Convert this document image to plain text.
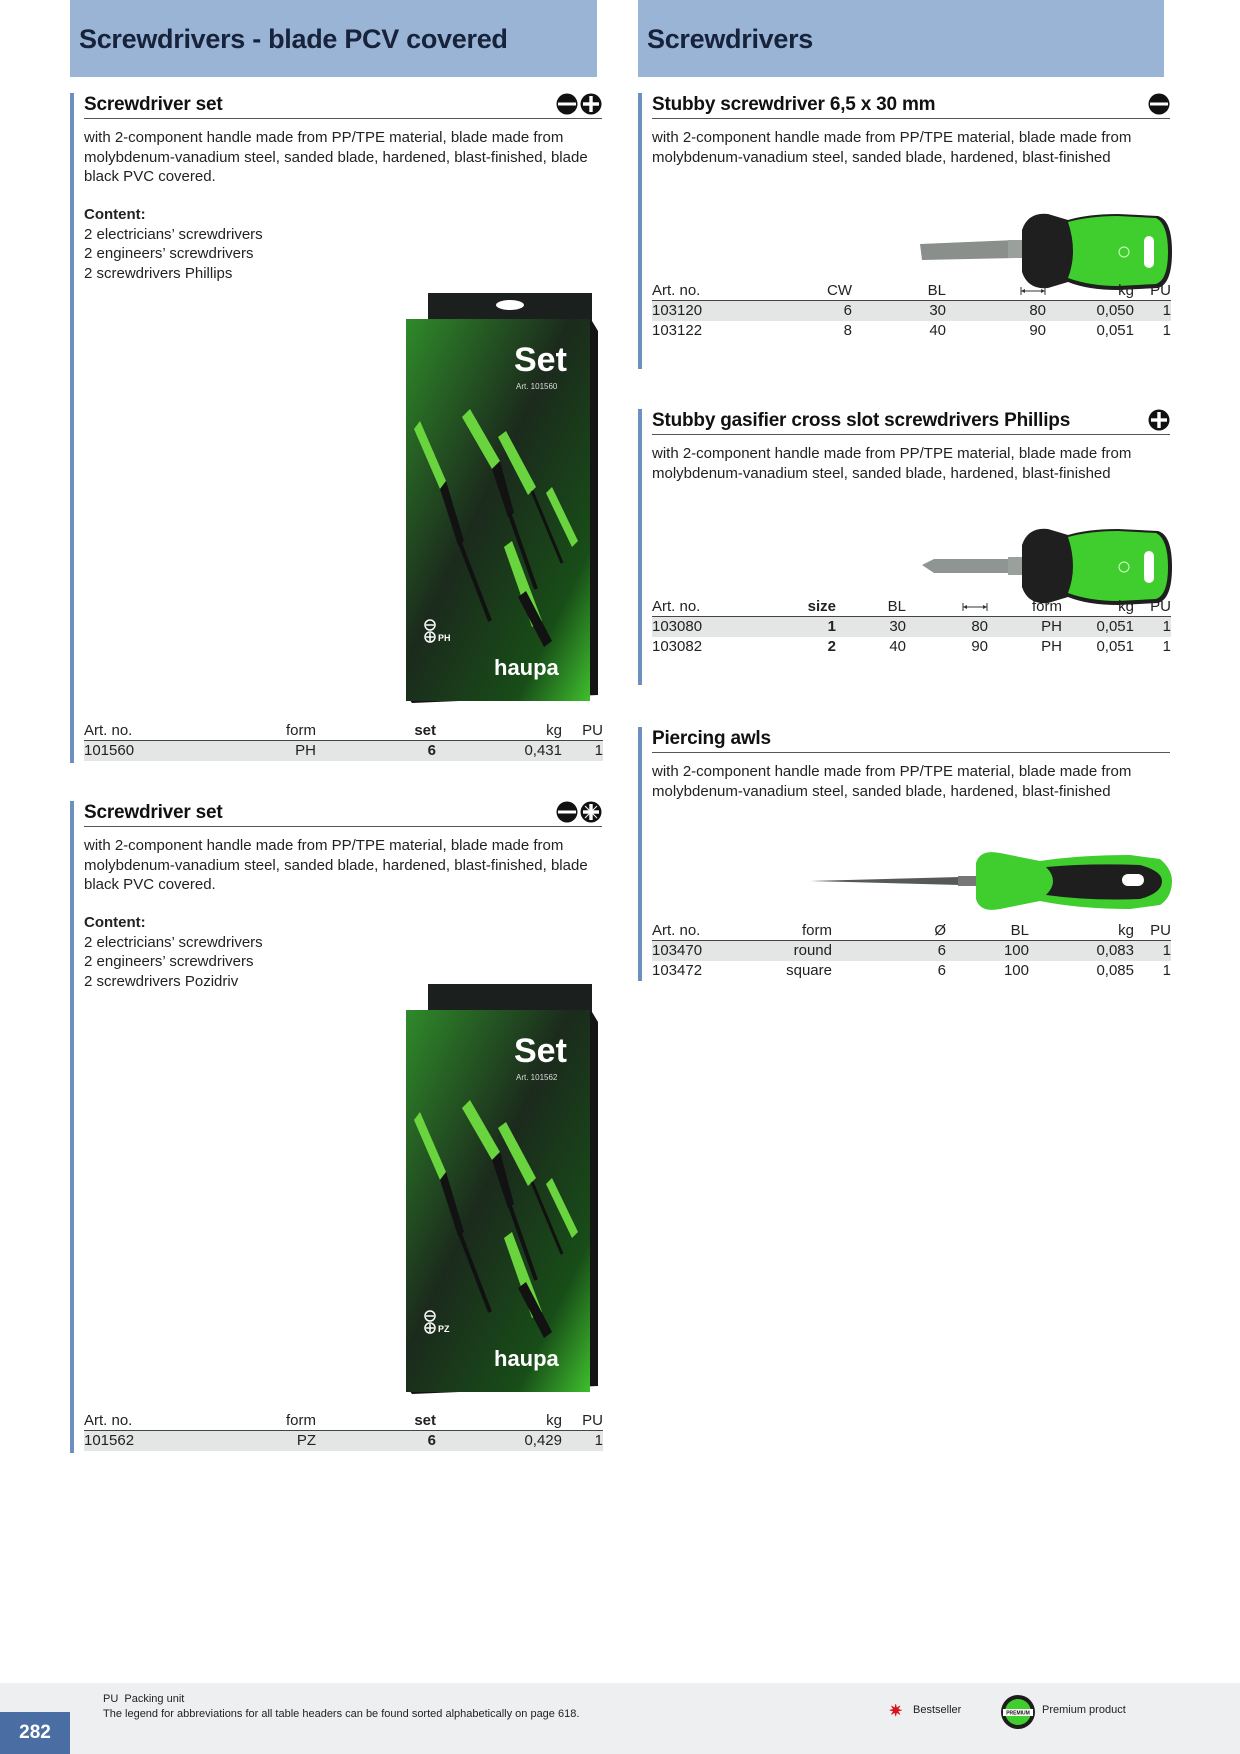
Screwdrivers - blade PCV covered	Screwdrivers
Screwdriver set
with 2-component handle made from PP/TPE material, blade made from
molybdenum-vanadium steel, sanded blade, hardened, blast-finished, blade
black PVC covered.
Content:
2 electricians’ screwdrivers
2 engineers’ screwdrivers
2 screwdrivers Phillips
Set
Art. 101560
PH
haupa
Art. no.	form	set	kg	PU
101560	PH	6	0,431	1
Screwdriver set
with 2-component handle made from PP/TPE material, blade made from
molybdenum-vanadium steel, sanded blade, hardened, blast-finished, blade
black PVC covered.
Content:
2 electricians’ screwdrivers
2 engineers’ screwdrivers
2 screwdrivers Pozidriv
Set
Art. 101562
PZ
haupa
Art. no.	form	set	kg	PU
101562	PZ	6	0,429	1
Stubby screwdriver 6,5 x 30 mm
with 2-component handle made from PP/TPE material, blade made from
molybdenum-vanadium steel, sanded blade, hardened, blast-finished
Art. no.	CW	BL		kg	PU
103120	6	30	80	0,050	1
103122	8	40	90	0,051	1
Stubby gasifier cross slot screwdrivers Phillips
with 2-component handle made from PP/TPE material, blade made from
molybdenum-vanadium steel, sanded blade, hardened, blast-finished
Art. no.	size	BL		form	kg	PU
103080	1	30	80	PH	0,051	1
103082	2	40	90	PH	0,051	1
Piercing awls
with 2-component handle made from PP/TPE material, blade made from
molybdenum-vanadium steel, sanded blade, hardened, blast-finished
Art. no.	form	Ø	BL	kg	PU
103470	round	6	100	0,083	1
103472	square	6	100	0,085	1
282
PU Packing unit
The legend for abbreviations for all table headers can be found sorted alphabetically on page 618.	✷ Bestseller	PREMIUM Premium product
